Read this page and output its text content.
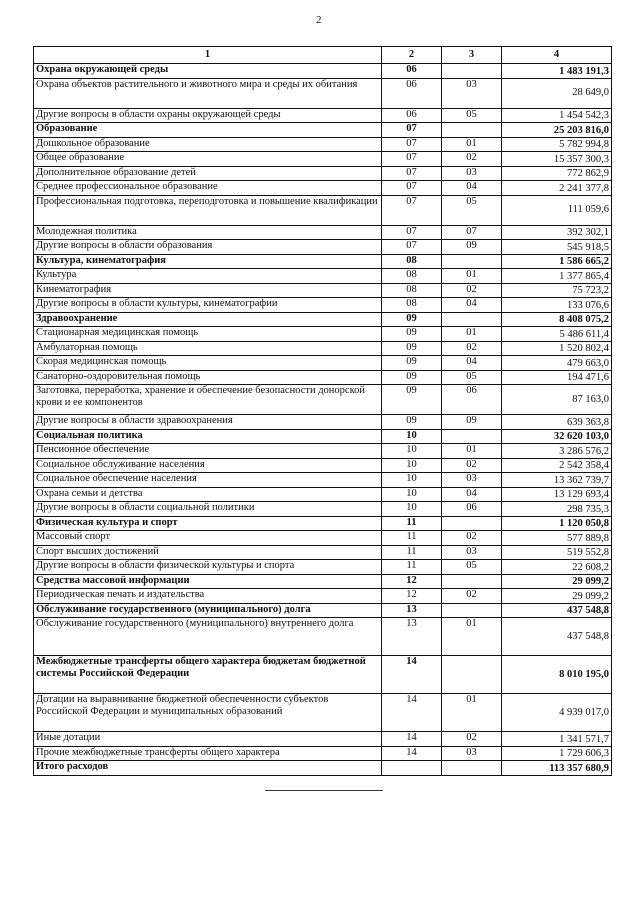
2
1	2	3	4
Охрана окружающей среды	06		1 483 191,3
Охрана объектов растительного и животного мира и среды их обитания	06	03	28 649,0
Другие вопросы в области охраны окружающей среды	06	05	1 454 542,3
Образование	07		25 203 816,0
Дошкольное образование	07	01	5 782 994,8
Общее образование	07	02	15 357 300,3
Дополнительное образование детей	07	03	772 862,9
Среднее профессиональное образование	07	04	2 241 377,8
Профессиональная подготовка, переподготовка и повышение квалификации	07	05	111 059,6
Молодежная политика	07	07	392 302,1
Другие вопросы в области образования	07	09	545 918,5
Культура, кинематография	08		1 586 665,2
Культура	08	01	1 377 865,4
Кинематография	08	02	75 723,2
Другие вопросы в области культуры, кинематографии	08	04	133 076,6
Здравоохранение	09		8 408 075,2
Стационарная медицинская помощь	09	01	5 486 611,4
Амбулаторная помощь	09	02	1 520 802,4
Скорая медицинская помощь	09	04	479 663,0
Санаторно-оздоровительная помощь	09	05	194 471,6
Заготовка, переработка, хранение и обеспечение безопасности донорской крови и ее компонентов	09	06	87 163,0
Другие вопросы в области здравоохранения	09	09	639 363,8
Социальная политика	10		32 620 103,0
Пенсионное обеспечение	10	01	3 286 576,2
Социальное обслуживание населения	10	02	2 542 358,4
Социальное обеспечение населения	10	03	13 362 739,7
Охрана семьи и детства	10	04	13 129 693,4
Другие вопросы в области социальной политики	10	06	298 735,3
Физическая культура и спорт	11		1 120 050,8
Массовый спорт	11	02	577 889,8
Спорт высших достижений	11	03	519 552,8
Другие вопросы в области физической культуры и спорта	11	05	22 608,2
Средства массовой информации	12		29 099,2
Периодическая печать и издательства	12	02	29 099,2
Обслуживание государственного (муниципального) долга	13		437 548,8
Обслуживание государственного (муниципального) внутреннего долга	13	01	437 548,8
Межбюджетные трансферты общего характера бюджетам бюджетной системы Российской Федерации	14		8 010 195,0
Дотации на выравнивание бюджетной обеспеченности субъектов Российской Федерации и муниципальных образований	14	01	4 939 017,0
Иные дотации	14	02	1 341 571,7
Прочие межбюджетные трансферты общего характера	14	03	1 729 606,3
Итого расходов			113 357 680,9
